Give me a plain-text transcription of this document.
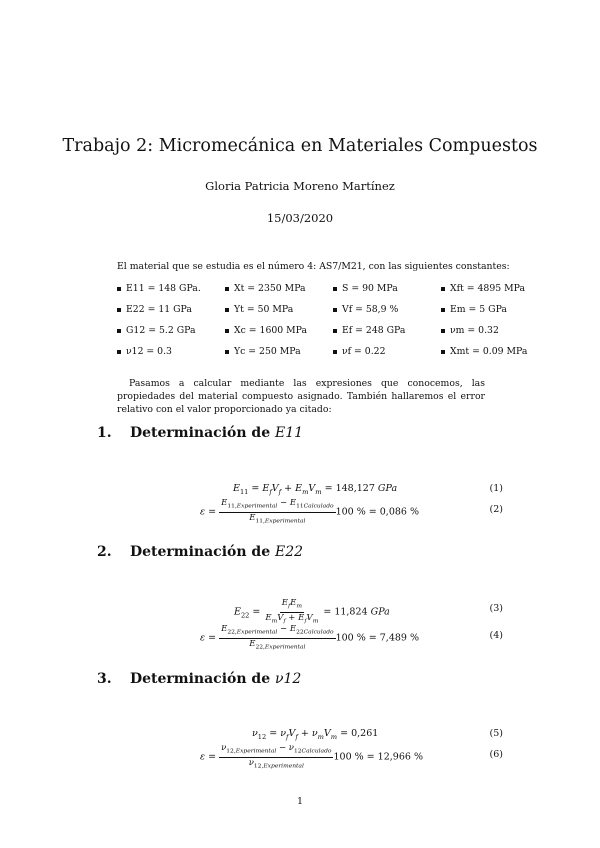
Trabajo 2: Micromecánica en Materiales Compuestos
Gloria Patricia Moreno Martínez
15/03/2020
El material que se estudia es el número 4: AS7/M21, con las siguientes constantes:
E11 = 148 GPa.
E22 = 11 GPa
G12 = 5.2 GPa
ν12 = 0.3
Xt = 2350 MPa
Yt = 50 MPa
Xc = 1600 MPa
Yc = 250 MPa
S = 90 MPa
Vf = 58,9 %
Ef = 248 GPa
νf = 0.22
Xft = 4895 MPa
Em = 5 GPa
νm = 0.32
Xmt = 0.09 MPa
Pasamos a calcular mediante las expresiones que conocemos, las propiedades del material compuesto asignado. También hallaremos el error relativo con el valor proporcionado ya citado:
1. Determinación de E11
$E_{11} = E_fV_f + E_mV_m = 148,127$ GPa	(1)
$\varepsilon = \frac{E_{11,Experimental} - E_{11Calculado}}{E_{11,Experimental}} 100$ % = 0,086 %	(2)
2. Determinación de E22
$E_{22} = \frac{E_fE_m}{E_mV_f + E_fV_m} = 11,824$ GPa	(3)
$\varepsilon = \frac{E_{22,Experimental} - E_{22Calculado}}{E_{22,Experimental}} 100$ % = 7,489 %	(4)
3. Determinación de ν12
$\nu_{12} = \nu_fV_f + \nu_mV_m = 0,261$	(5)
$\varepsilon = \frac{\nu_{12,Experimental} - \nu_{12Calculado}}{\nu_{12,Experimental}} 100$ % = 12,966 %	(6)
1
